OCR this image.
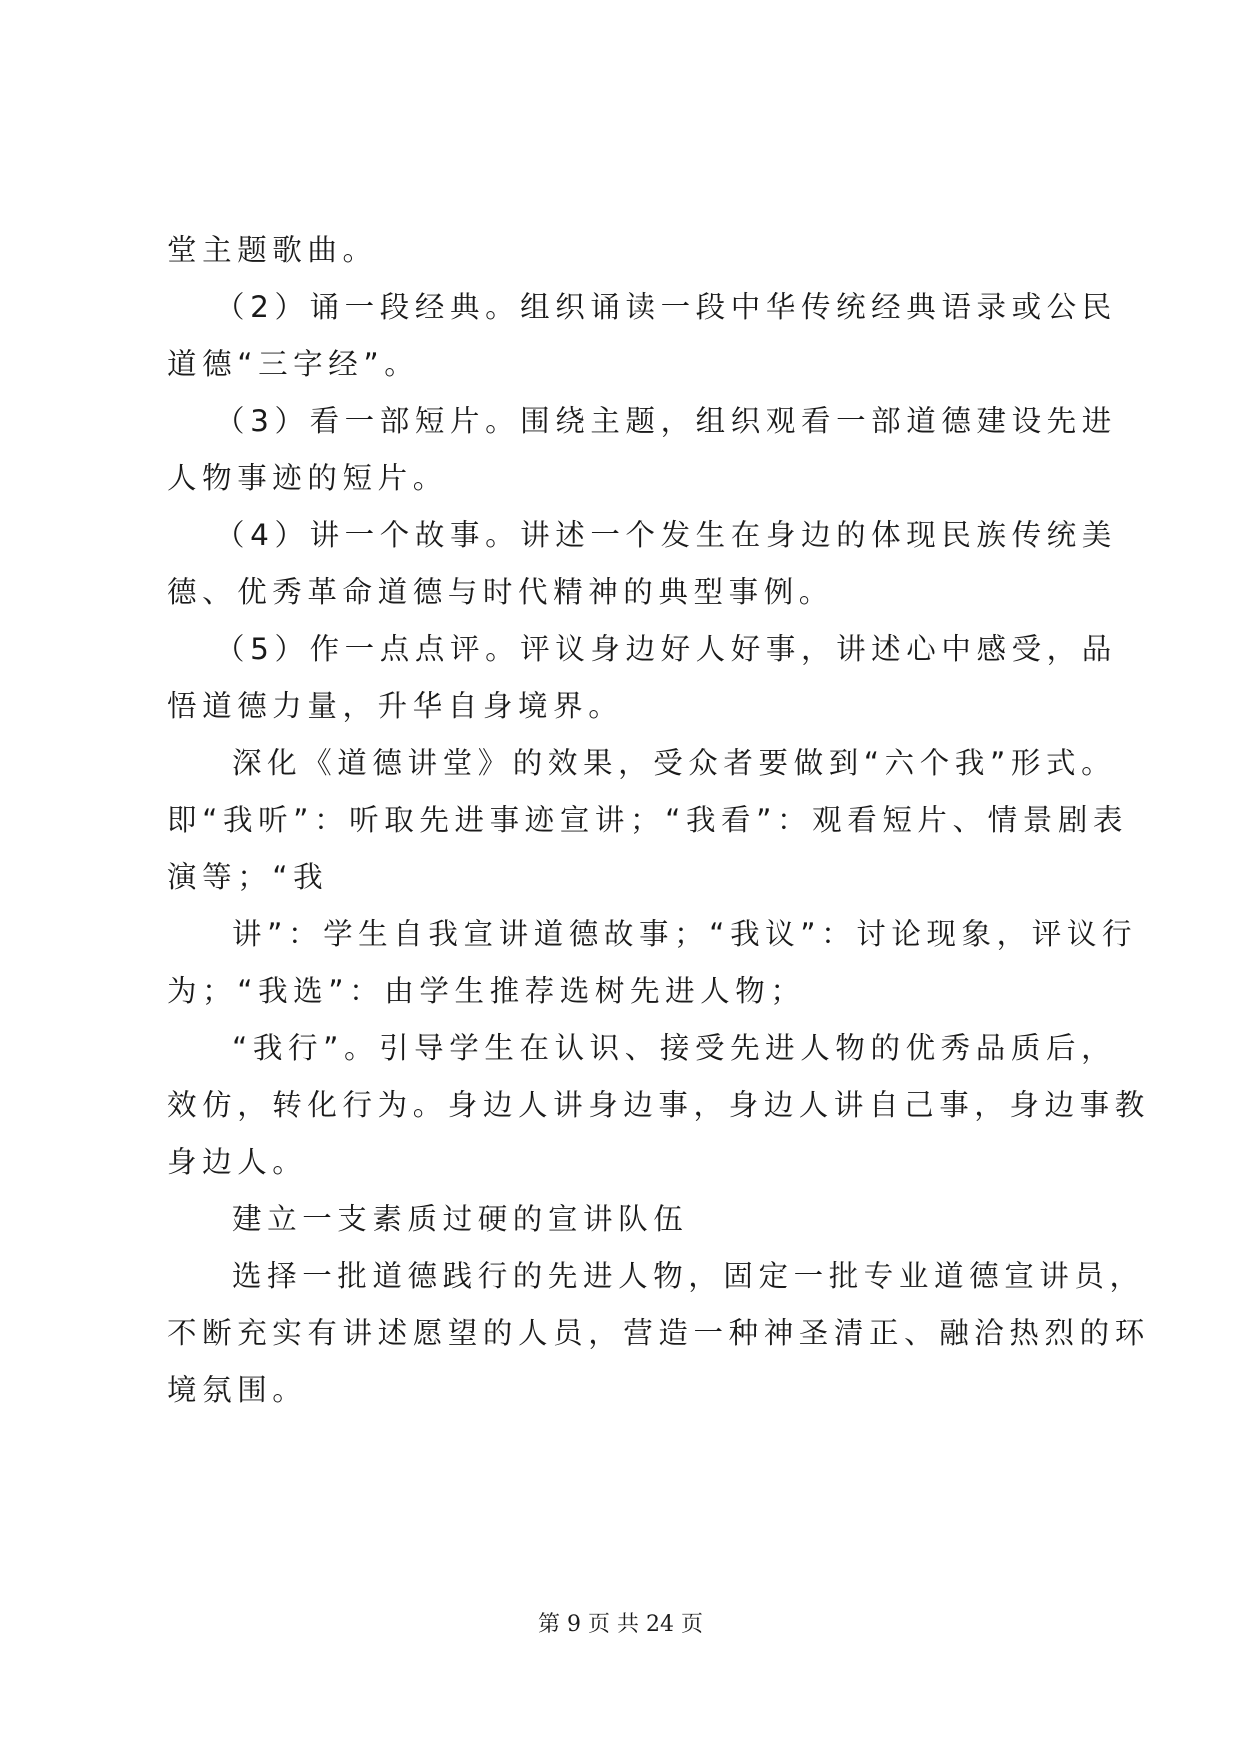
堂主题歌曲。
（2）诵一段经典。组织诵读一段中华传统经典语录或公民
道德“三字经”。
（3）看一部短片。围绕主题，组织观看一部道德建设先进
人物事迹的短片。
（4）讲一个故事。讲述一个发生在身边的体现民族传统美
德、优秀革命道德与时代精神的典型事例。
（5）作一点点评。评议身边好人好事，讲述心中感受，品
悟道德力量，升华自身境界。
深化《道德讲堂》的效果，受众者要做到“六个我”形式。
即“我听”：听取先进事迹宣讲；“我看”：观看短片、情景剧表
演等；“我
讲”：学生自我宣讲道德故事；“我议”：讨论现象，评议行
为；“我选”：由学生推荐选树先进人物；
“我行”。引导学生在认识、接受先进人物的优秀品质后，
效仿，转化行为。身边人讲身边事，身边人讲自己事，身边事教
身边人。
建立一支素质过硬的宣讲队伍
选择一批道德践行的先进人物，固定一批专业道德宣讲员，
不断充实有讲述愿望的人员，营造一种神圣清正、融洽热烈的环
境氛围。
第 9 页 共 24 页
